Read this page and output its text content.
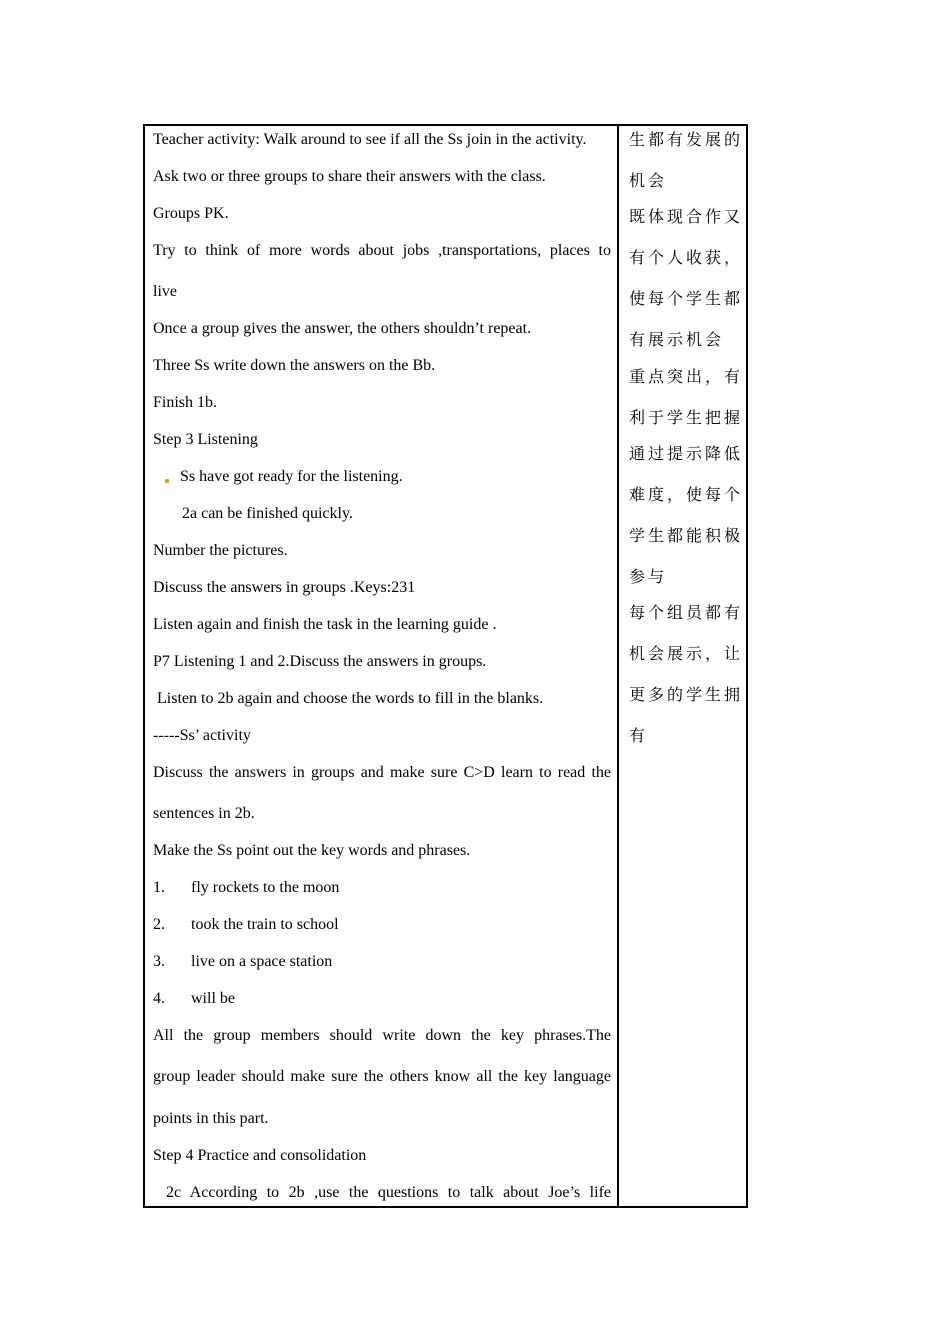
Teacher activity: Walk around to see if all the Ss join in the activity.
Ask two or three groups to share their answers with the class.
Groups PK.
Try to think of more words about jobs ,transportations, places to
live
Once a group gives the answer, the others shouldn’t repeat.
Three Ss write down the answers on the Bb.
Finish 1b.
Step 3 Listening
Ss have got ready for the listening.
2a can be finished quickly.
Number the pictures.
Discuss the answers in groups .Keys:231
Listen again and finish the task in the learning guide .
P7 Listening 1 and 2.Discuss the answers in groups.
Listen to 2b again and choose the words to fill in the blanks.
-----Ss’ activity
Discuss the answers in groups and make sure C>D learn to read the
sentences in 2b.
Make the Ss point out the key words and phrases.
1. fly rockets to the moon
2. took the train to school
3. live on a space station
4. will be
All the group members should write down the key phrases.The
group leader should make sure the others know all the key language
points in this part.
Step 4 Practice and consolidation
2c According to 2b ,use the questions to talk about Joe’s life
生都有发展的
机会
既体现合作又
有个人收获，
使每个学生都
有展示机会
重点突出，有
利于学生把握
通过提示降低
难度，使每个
学生都能积极
参与
每个组员都有
机会展示，让
更多的学生拥
有
